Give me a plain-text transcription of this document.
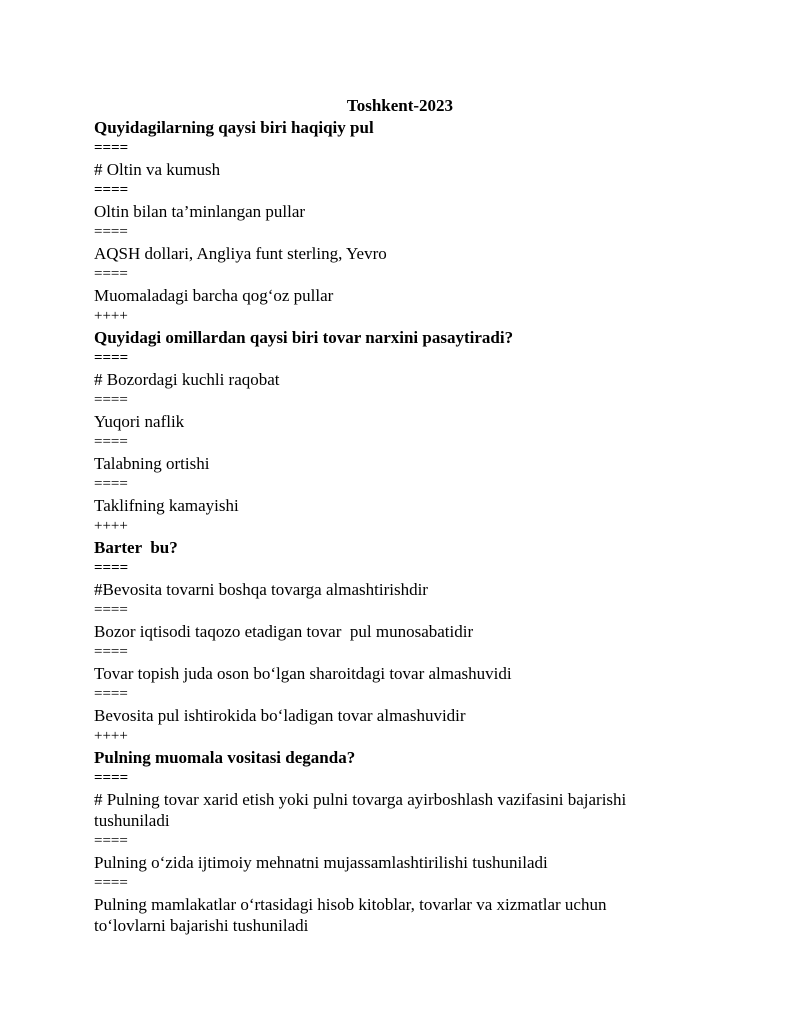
Toshkent-2023
Quyidagilarning qaysi biri haqiqiy pul
====
# Oltin va kumush
====
Oltin bilan ta’minlangan pullar
====
AQSH dollari, Angliya funt sterling, Yevro
====
Muomaladagi barcha qog‘oz pullar
++++
Quyidagi omillardan qaysi biri tovar narxini pasaytiradi?
====
# Bozordagi kuchli raqobat
====
Yuqori naflik
====
Talabning ortishi
====
Taklifning kamayishi
++++
Barter  bu?
====
#Bevosita tovarni boshqa tovarga almashtirishdir
====
Bozor iqtisodi taqozo etadigan tovar  pul munosabatidir
====
Tovar topish juda oson bo‘lgan sharoitdagi tovar almashuvidi
====
Bevosita pul ishtirokida bo‘ladigan tovar almashuvidir
++++
Pulning muomala vositasi deganda?
====
# Pulning tovar xarid etish yoki pulni tovarga ayirboshlash vazifasini bajarishi tushuniladi
====
Pulning o‘zida ijtimoiy mehnatni mujassamlashtirilishi tushuniladi
====
Pulning mamlakatlar o‘rtasidagi hisob kitoblar, tovarlar va xizmatlar uchun to‘lovlarni bajarishi tushuniladi
